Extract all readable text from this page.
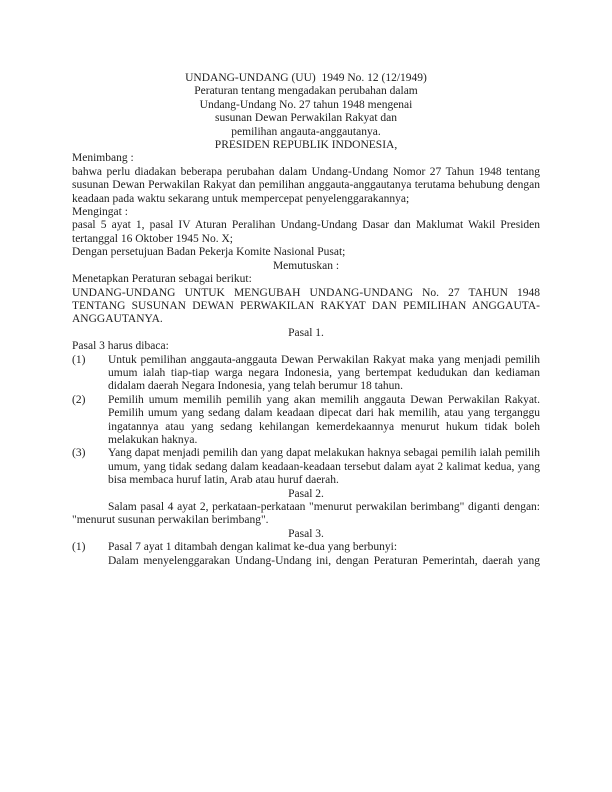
UNDANG-UNDANG (UU)  1949 No. 12 (12/1949)
Peraturan tentang mengadakan perubahan dalam
Undang-Undang No. 27 tahun 1948 mengenai
susunan Dewan Perwakilan Rakyat dan
pemilihan angauta-anggautanya.
PRESIDEN REPUBLIK INDONESIA,
Menimbang :

bahwa perlu diadakan beberapa perubahan dalam Undang-Undang Nomor 27 Tahun 1948 tentang susunan Dewan Perwakilan Rakyat dan pemilihan anggauta-anggautanya terutama behubung dengan keadaan pada waktu sekarang untuk mempercepat penyelenggarakannya;

Mengingat :

pasal 5 ayat 1, pasal IV Aturan Peralihan Undang-Undang Dasar dan Maklumat Wakil Presiden tertanggal 16 Oktober 1945 No. X;

Dengan persetujuan Badan Pekerja Komite Nasional Pusat;
Memutuskan :
Menetapkan Peraturan sebagai berikut:

UNDANG-UNDANG UNTUK MENGUBAH UNDANG-UNDANG No. 27 TAHUN 1948 TENTANG SUSUNAN DEWAN PERWAKILAN RAKYAT DAN PEMILIHAN ANGGAUTA-ANGGAUTANYA.

Pasal 1.
Pasal 3 harus dibaca:
(1) Untuk pemilihan anggauta-anggauta Dewan Perwakilan Rakyat maka yang menjadi pemilih umum ialah tiap-tiap warga negara Indonesia, yang bertempat kedudukan dan kediaman didalam daerah Negara Indonesia, yang telah berumur 18 tahun.
(2) Pemilih umum memilih pemilih yang akan memilih anggauta Dewan Perwakilan Rakyat. Pemilih umum yang sedang dalam keadaan dipecat dari hak memilih, atau yang terganggu ingatannya atau yang sedang kehilangan kemerdekaannya menurut hukum tidak boleh melakukan haknya.
(3) Yang dapat menjadi pemilih dan yang dapat melakukan haknya sebagai pemilih ialah pemilih umum, yang tidak sedang dalam keadaan-keadaan tersebut dalam ayat 2 kalimat kedua, yang bisa membaca huruf latin, Arab atau huruf daerah.
Pasal 2.

Salam pasal 4 ayat 2, perkataan-perkataan "menurut perwakilan berimbang" diganti dengan: "menurut susunan perwakilan berimbang".

Pasal 3.
(1) Pasal 7 ayat 1 ditambah dengan kalimat ke-dua yang berbunyi:
Dalam menyelenggarakan Undang-Undang ini, dengan Peraturan Pemerintah, daerah yang
